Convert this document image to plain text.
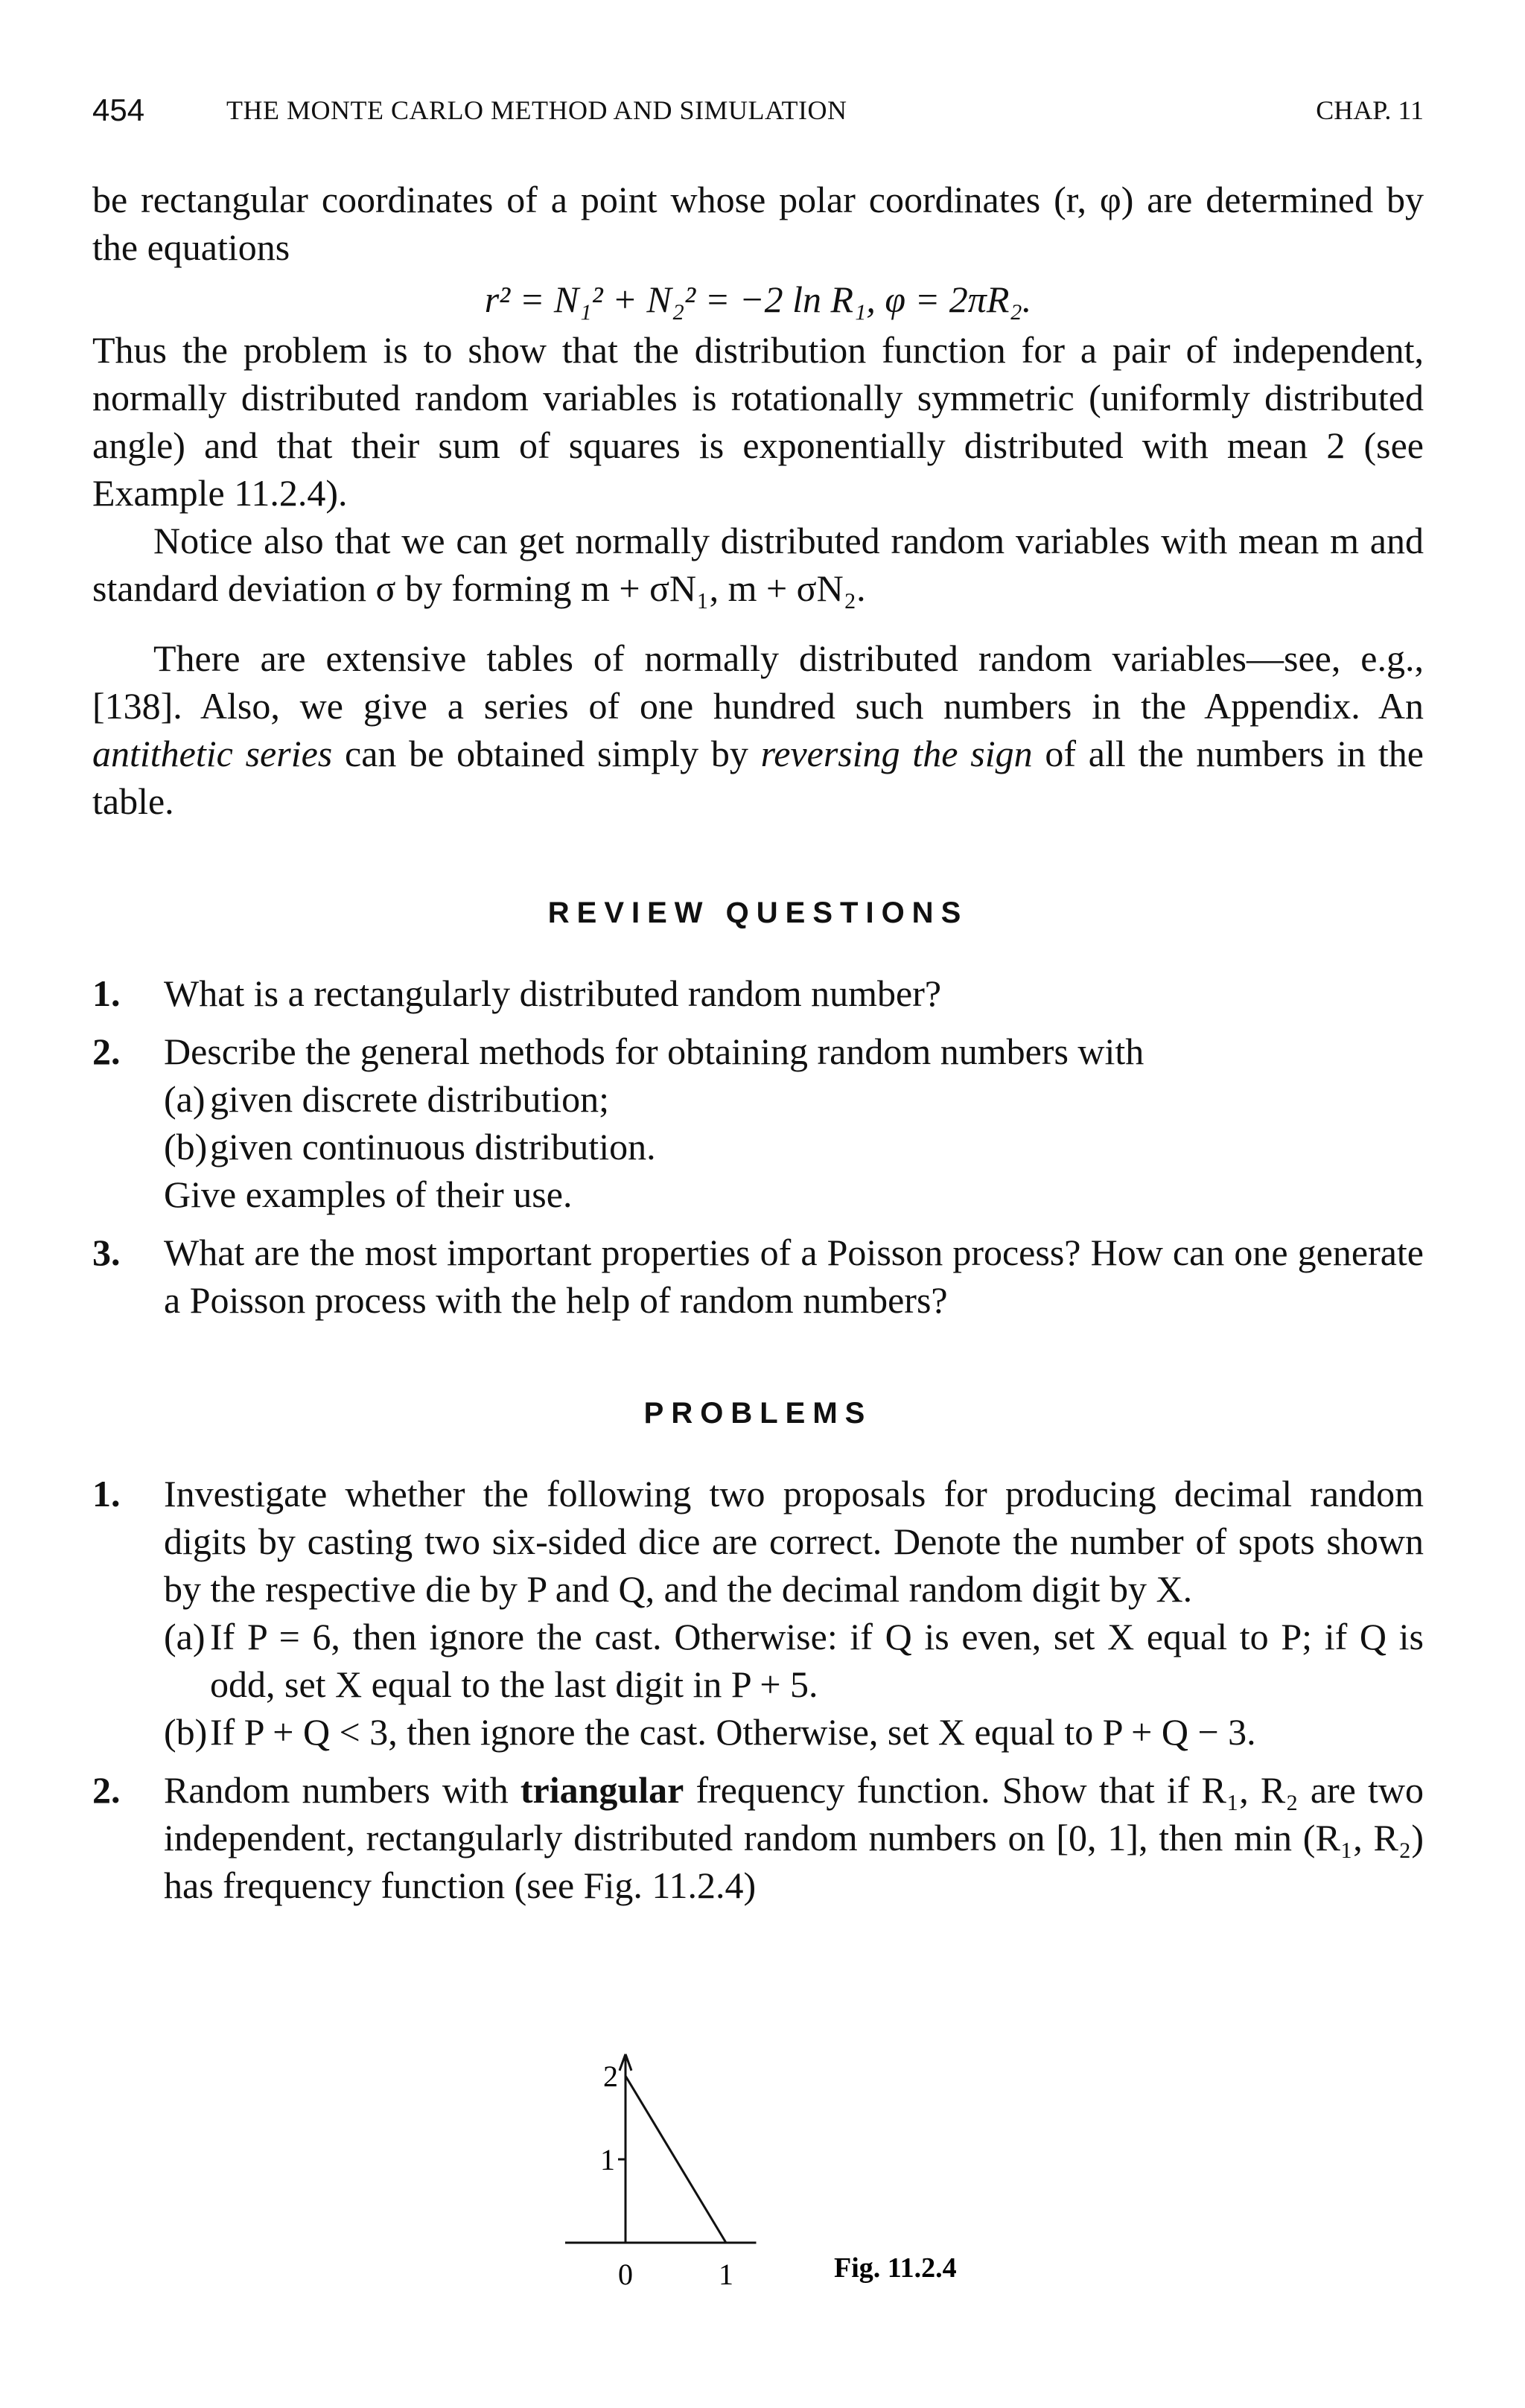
454	THE MONTE CARLO METHOD AND SIMULATION	CHAP. 11

be rectangular coordinates of a point whose polar coordinates (r, φ) are determined by the equations

r² = N₁² + N₂² = −2 ln R₁, φ = 2πR₂.

Thus the problem is to show that the distribution function for a pair of independent, normally distributed random variables is rotationally symmetric (uniformly distributed angle) and that their sum of squares is exponentially distributed with mean 2 (see Example 11.2.4).

Notice also that we can get normally distributed random variables with mean m and standard deviation σ by forming m + σN₁, m + σN₂.

There are extensive tables of normally distributed random variables—see, e.g., [138]. Also, we give a series of one hundred such numbers in the Appendix. An antithetic series can be obtained simply by reversing the sign of all the numbers in the table.

REVIEW QUESTIONS
1. What is a rectangularly distributed random number?

2. Describe the general methods for obtaining random numbers with

(a) given discrete distribution;
(b) given continuous distribution.

Give examples of their use.

3. What are the most important properties of a Poisson process? How can one generate a Poisson process with the help of random numbers?

PROBLEMS
1. Investigate whether the following two proposals for producing decimal random digits by casting two six-sided dice are correct. Denote the number of spots shown by the respective die by P and Q, and the decimal random digit by X.

(a) If P = 6, then ignore the cast. Otherwise: if Q is even, set X equal to P; if Q is odd, set X equal to the last digit in P + 5.
(b) If P + Q < 3, then ignore the cast. Otherwise, set X equal to P + Q − 3.
2. Random numbers with triangular frequency function. Show that if R₁, R₂ are two independent, rectangularly distributed random numbers on [0, 1], then min (R₁, R₂) has frequency function (see Fig. 11.2.4)

2
1
0	1	Fig. 11.2.4
